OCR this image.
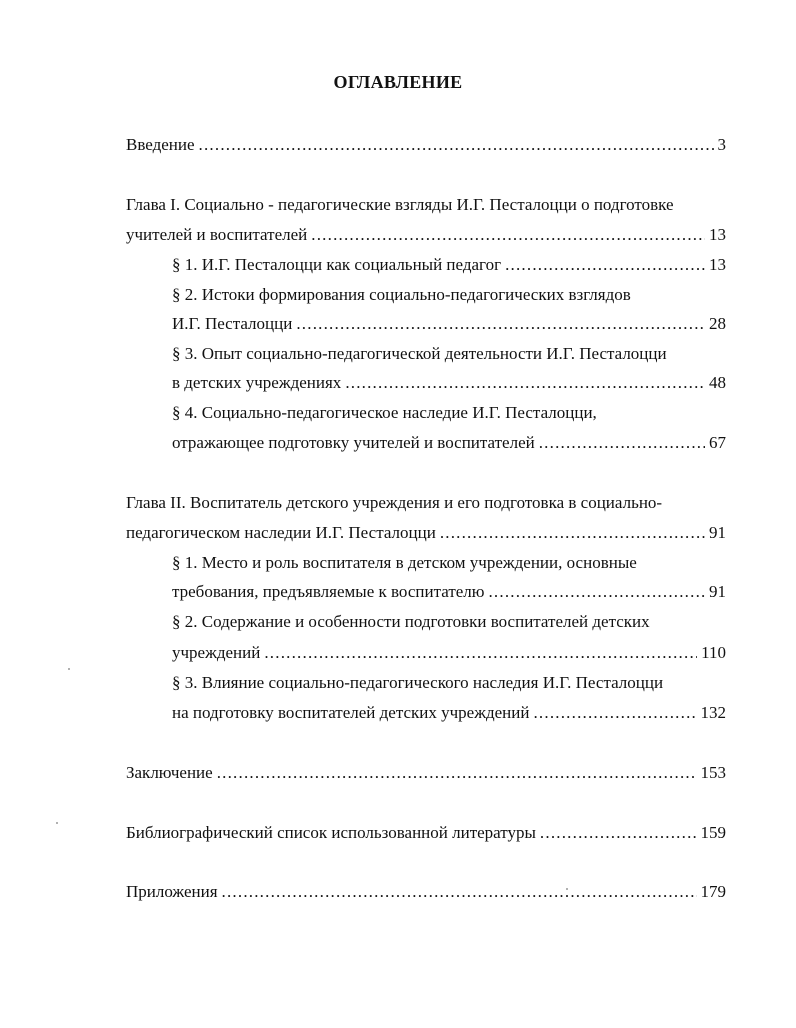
ОГЛАВЛЕНИЕ
Введение .....	3
Глава I. Социально - педагогические взгляды И.Г. Песталоцци о подготовке
учителей и воспитателей .....	13
§ 1. И.Г. Песталоцци как социальный педагог .....	13
§ 2. Истоки формирования социально-педагогических взглядов
И.Г. Песталоцци .....	28
§ 3. Опыт социально-педагогической деятельности И.Г. Песталоцци
в детских учреждениях .....	48
§ 4. Социально-педагогическое наследие И.Г. Песталоцци,
отражающее подготовку учителей и воспитателей .....	67
Глава II. Воспитатель детского учреждения и его подготовка в социально-
педагогическом наследии И.Г. Песталоцци .....	91
§ 1. Место и роль воспитателя в детском учреждении, основные
требования, предъявляемые к воспитателю .....	91
§ 2. Содержание и особенности подготовки воспитателей детских
учреждений .....	110
§ 3. Влияние социально-педагогического наследия И.Г. Песталоцци
на подготовку воспитателей детских учреждений .....	132
Заключение .....	153
Библиографический список использованной литературы .....	159
Приложения .....	179
